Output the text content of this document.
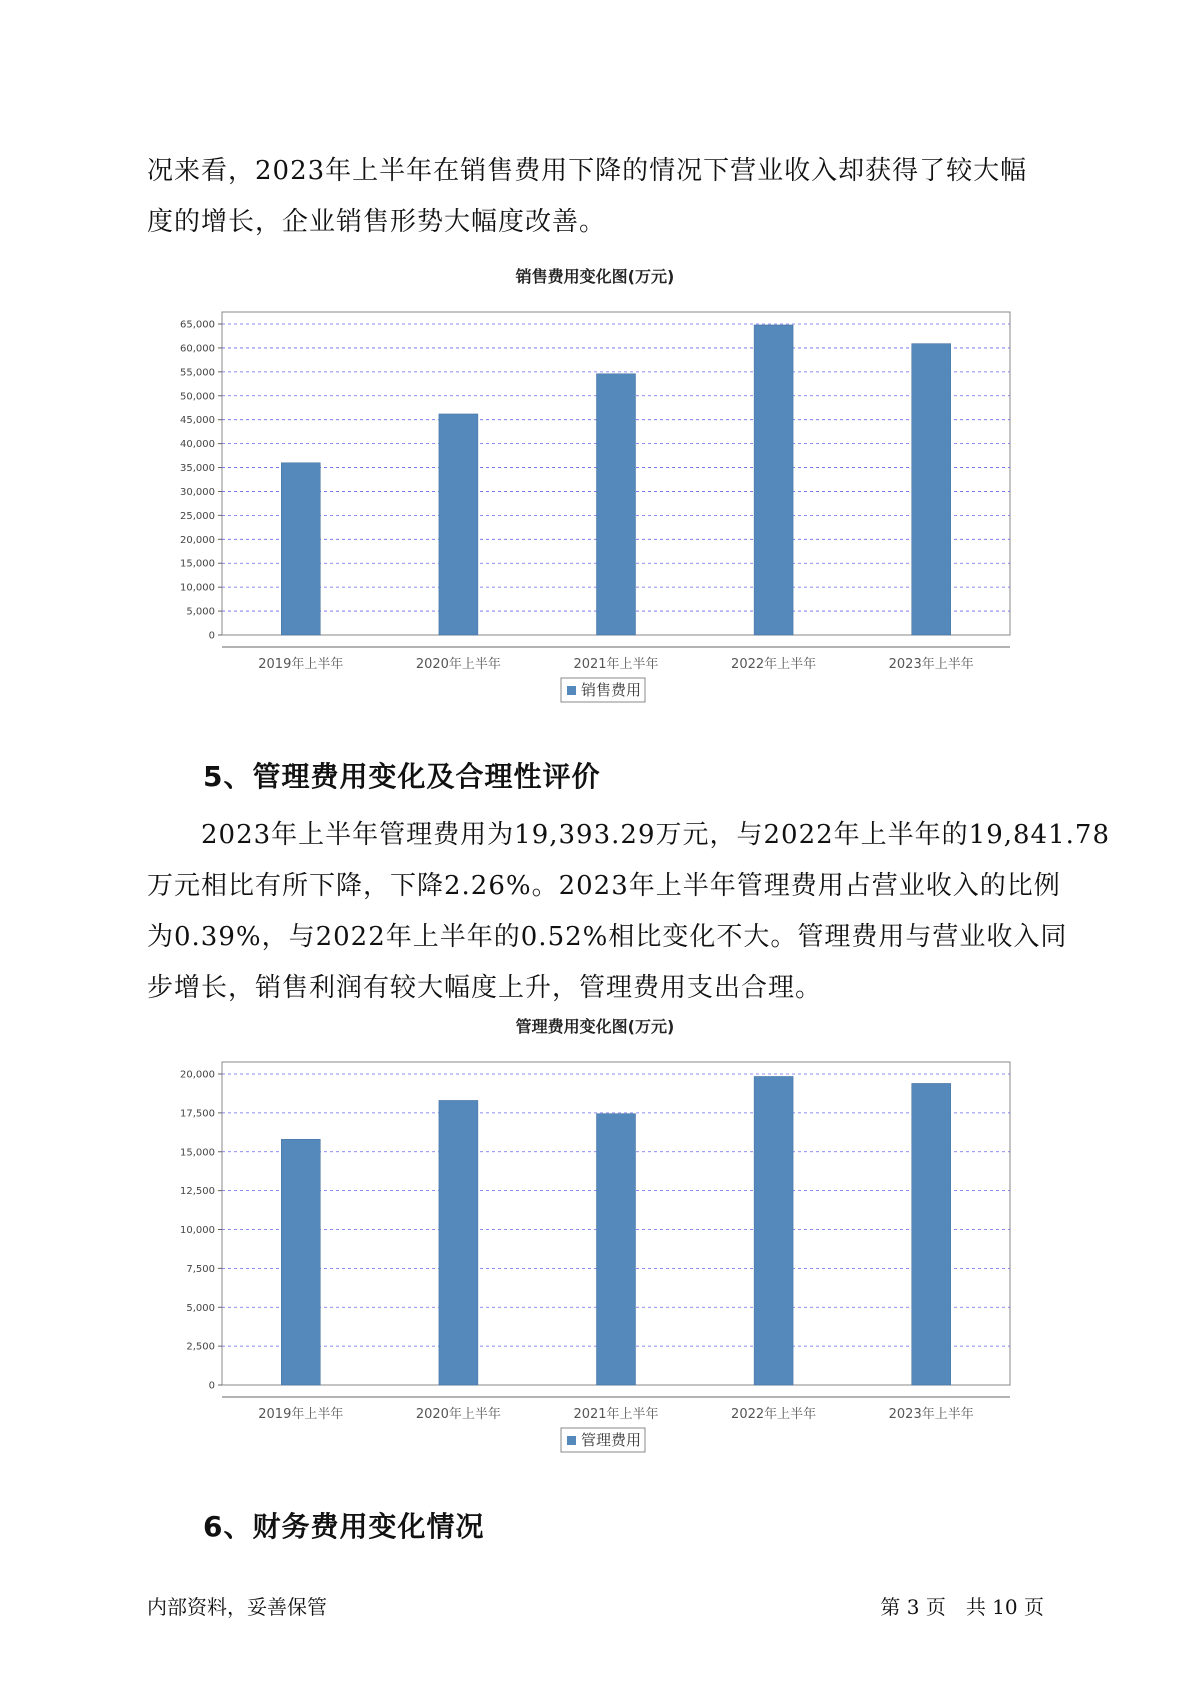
况来看，2023年上半年在销售费用下降的情况下营业收入却获得了较大幅
度的增长，企业销售形势大幅度改善。
销售费用变化图(万元)
0
5,000
10,000
15,000
20,000
25,000
30,000
35,000
40,000
45,000
50,000
55,000
60,000
65,000
2019年上半年	2020年上半年	2021年上半年	2022年上半年	2023年上半年
销售费用
5、管理费用变化及合理性评价
　　2023年上半年管理费用为19,393.29万元，与2022年上半年的19,841.78
万元相比有所下降，下降2.26%。2023年上半年管理费用占营业收入的比例
为0.39%，与2022年上半年的0.52%相比变化不大。管理费用与营业收入同
步增长，销售利润有较大幅度上升，管理费用支出合理。
管理费用变化图(万元)
0
2,500
5,000
7,500
10,000
12,500
15,000
17,500
20,000
2019年上半年	2020年上半年	2021年上半年	2022年上半年	2023年上半年
管理费用
6、财务费用变化情况
内部资料，妥善保管	第 3 页　共 10 页
